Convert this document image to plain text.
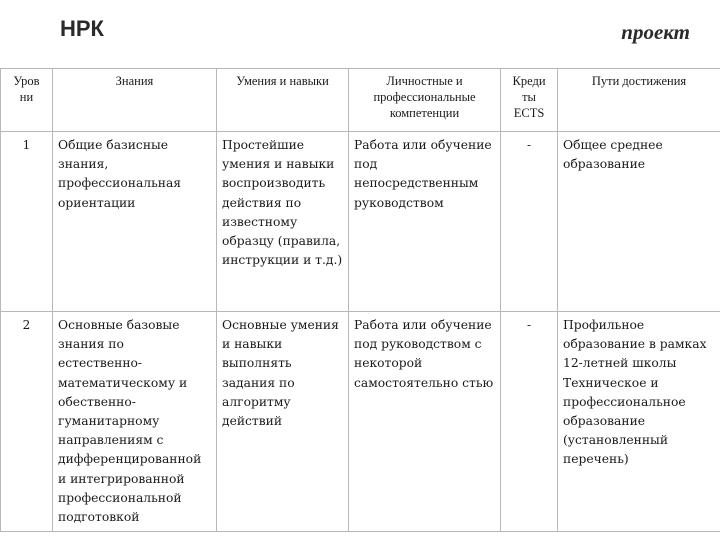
НРК	проект
Уров ни	Знания	Умения и навыки	Личностные и профессиональные компетенции	Креди ты ECTS	Пути достижения
1	Общие базисные знания, профессиональная ориентации	Простейшие умения и навыки воспроизводить действия по известному образцу (правила, инструкции и т.д.)	Работа или обучение под непосредственным руководством	-	Общее среднее образование
2	Основные базовые знания по естественно-математическому и обественно-гуманитарному направлениям с дифференцированной и интегрированной профессиональной подготовкой	Основные умения и навыки выполнять задания по алгоритму действий	Работа или обучение под руководством с некоторой самостоятельно стью	-	Профильное образование в рамках 12-летней школы Техническое и профессиональное образование (установленный перечень)
